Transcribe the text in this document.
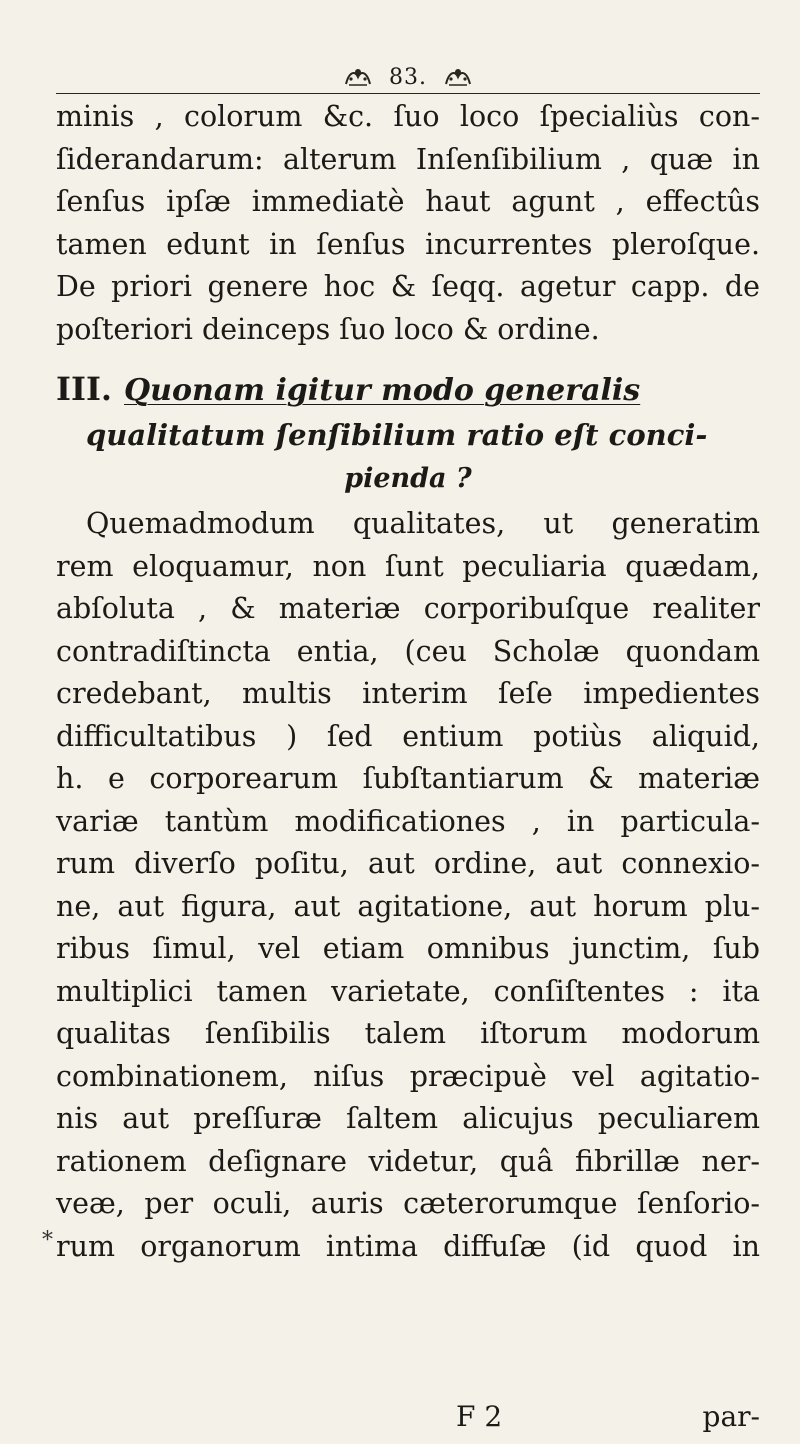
83.
minis , colorum &c. ſuo loco ſpecialiùs con-
ſiderandarum: alterum Inſenſibilium , quæ in
ſenſus ipſæ immediatè haut agunt , effectûs
tamen edunt in ſenſus incurrentes pleroſque.
De priori genere hoc & ſeqq. agetur capp. de
poſteriori deinceps ſuo loco & ordine.
III. Quonam igitur modo generalis
qualitatum ſenſibilium ratio eſt conci-
pienda ?
Quemadmodum qualitates, ut generatim
rem eloquamur, non ſunt peculiaria quædam,
abſoluta , & materiæ corporibuſque realiter
contradiſtincta entia, (ceu Scholæ quondam
credebant, multis interim ſeſe impedientes
difficultatibus ) ſed entium potiùs aliquid,
h. e corporearum ſubſtantiarum & materiæ
variæ tantùm modificationes , in particula-
rum diverſo poſitu, aut ordine, aut connexio-
ne, aut figura, aut agitatione, aut horum plu-
ribus ſimul, vel etiam omnibus junctim, ſub
multiplici tamen varietate, conſiſtentes : ita
qualitas ſenſibilis talem iſtorum modorum
combinationem, niſus præcipuè vel agitatio-
nis aut preſſuræ ſaltem alicujus peculiarem
rationem deſignare videtur, quâ fibrillæ ner-
veæ, per oculi, auris cæterorumque ſenſorio-
rum organorum intima diffuſæ (id quod in
*
F 2	par-
